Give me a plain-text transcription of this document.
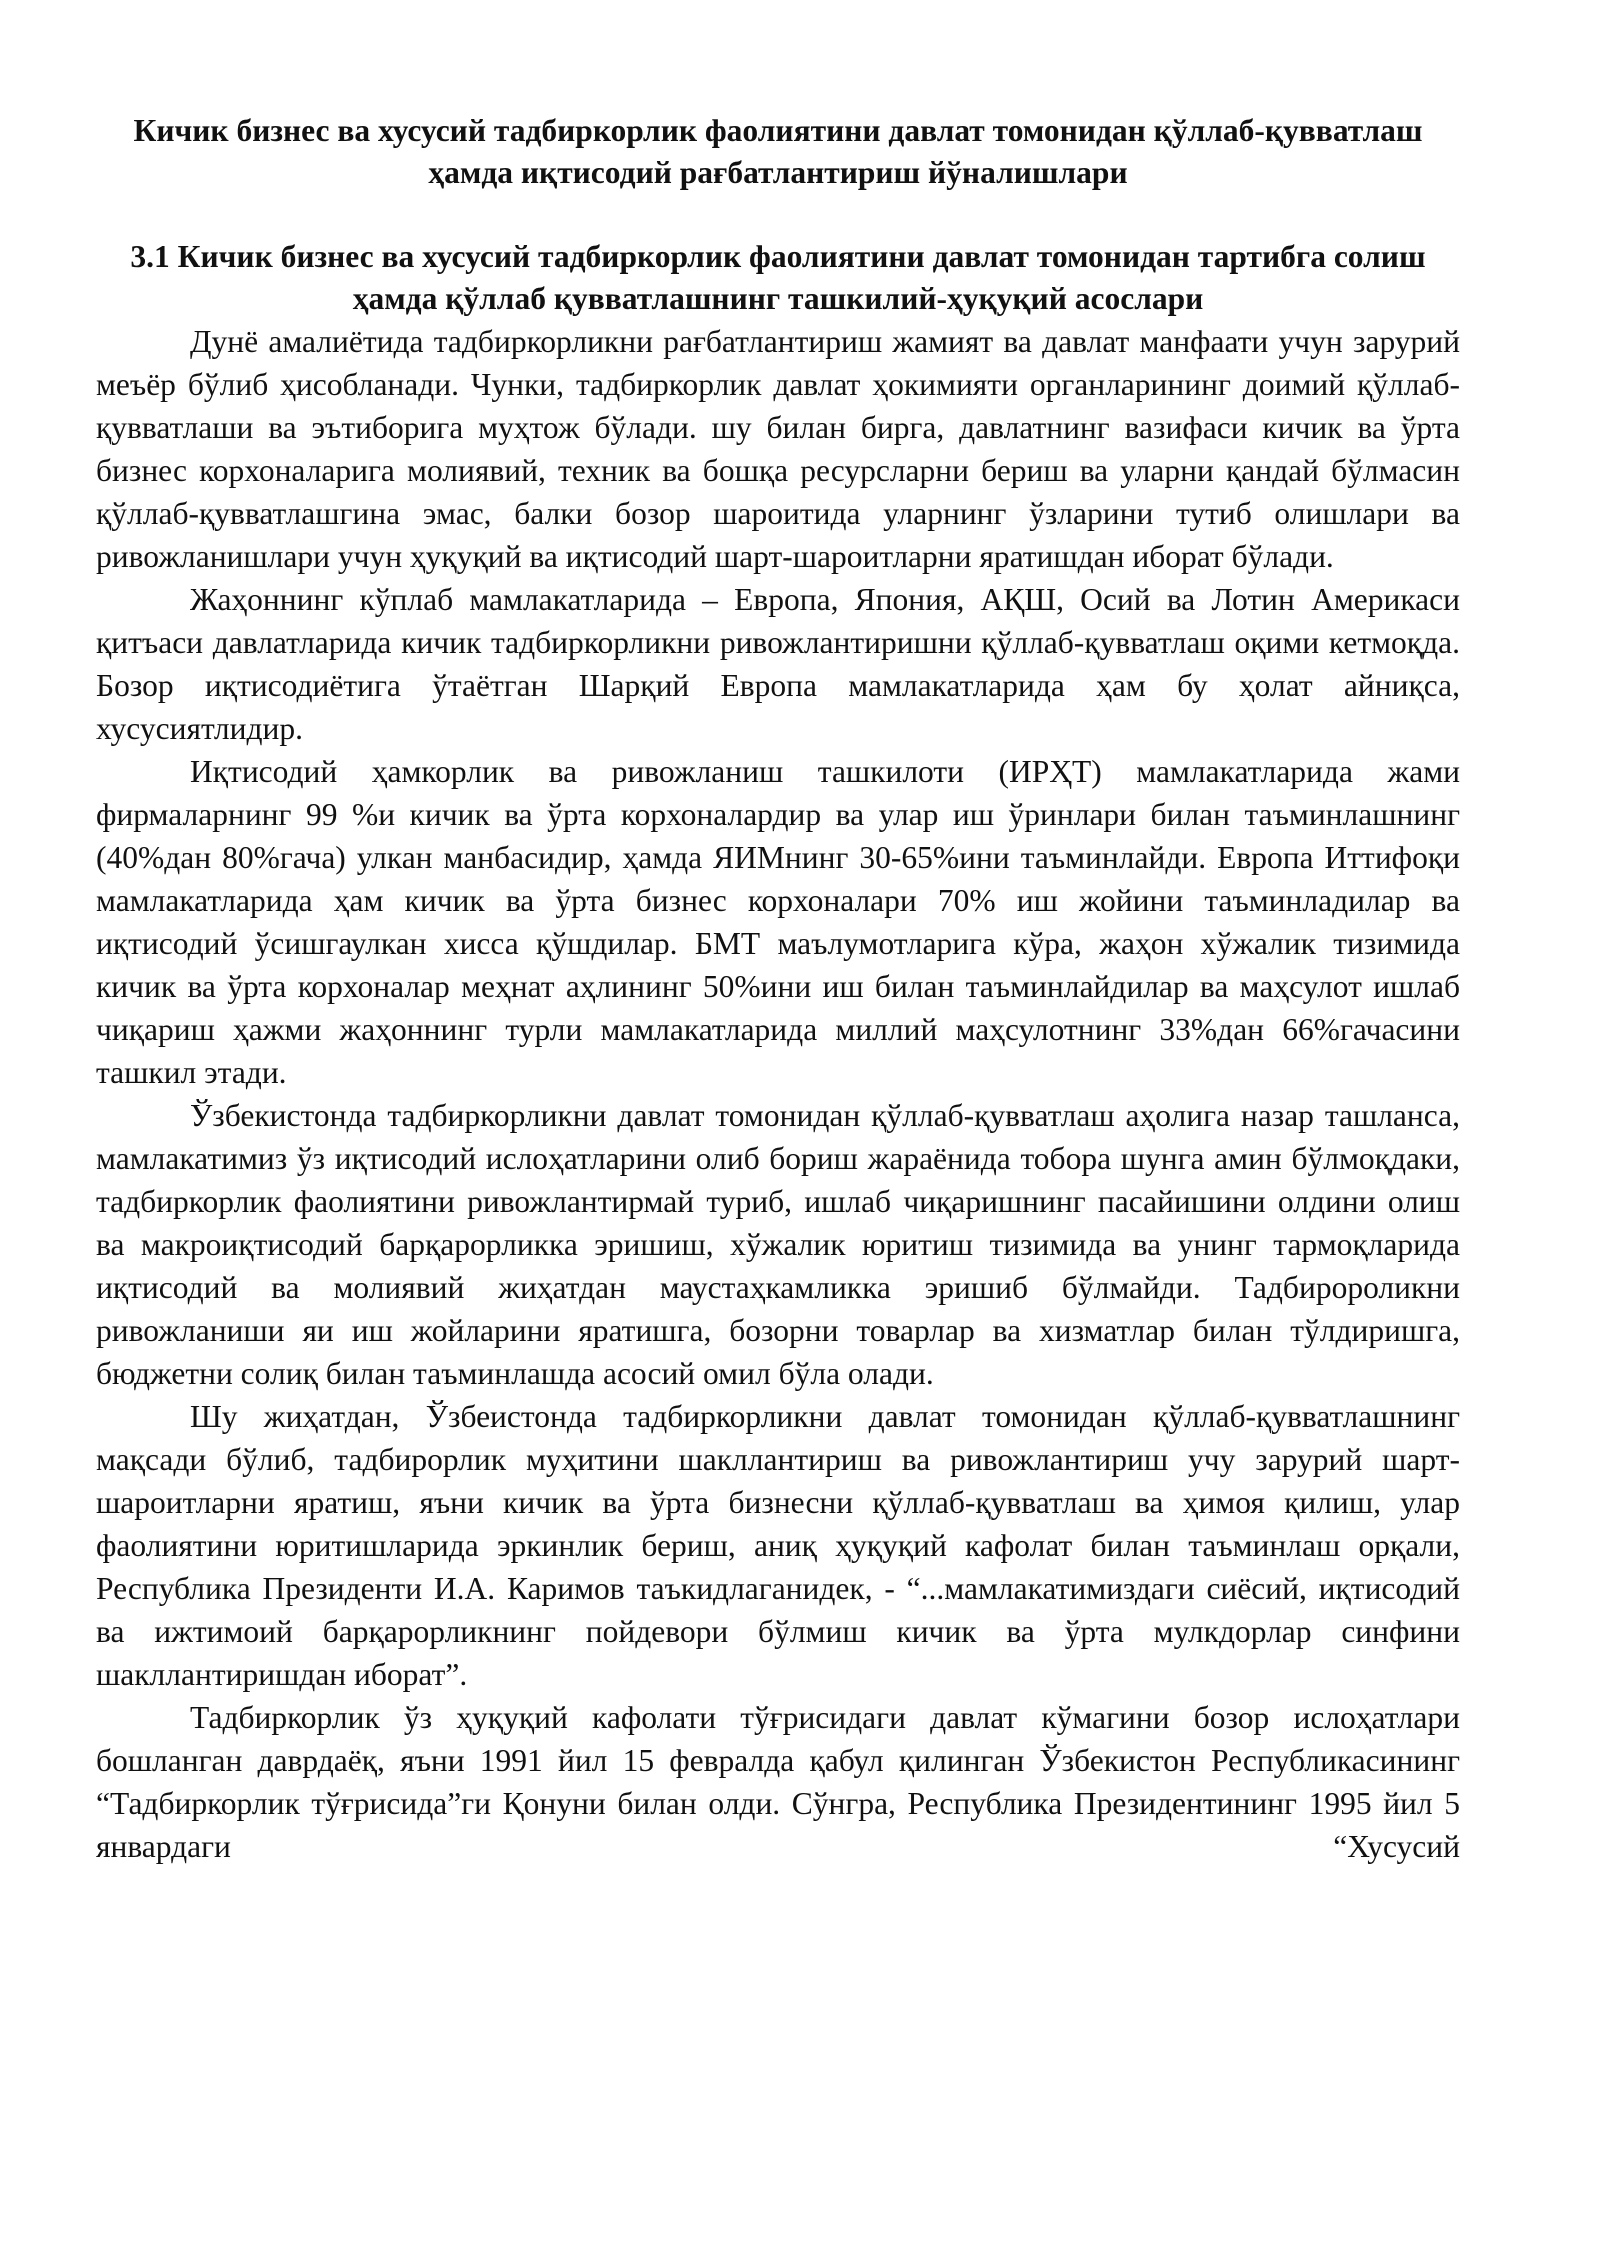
Кичик бизнес ва хусусий тадбиркорлик фаолиятини давлат томонидан қўллаб-қувватлаш ҳамда иқтисодий рағбатлантириш йўналишлари
3.1 Кичик бизнес ва хусусий тадбиркорлик фаолиятини давлат томонидан тартибга солиш ҳамда қўллаб қувватлашнинг ташкилий-ҳуқуқий асослари

Дунё амалиётида тадбиркорликни рағбатлантириш жамият ва давлат манфаати учун зарурий меъёр бўлиб ҳисобланади. Чунки, тадбиркорлик давлат ҳокимияти органларининг доимий қўллаб-қувватлаши ва эътиборига муҳтож бўлади. шу билан бирга, давлатнинг вазифаси кичик ва ўрта бизнес корхоналарига молиявий, техник ва бошқа ресурсларни бериш ва уларни қандай бўлмасин қўллаб-қувватлашгина эмас, балки бозор шароитида уларнинг ўзларини тутиб олишлари ва ривожланишлари учун ҳуқуқий ва иқтисодий шарт-шароитларни яратишдан иборат бўлади.

Жаҳоннинг кўплаб мамлакатларида – Европа, Япония, АҚШ, Осий ва Лотин Америкаси қитъаси давлатларида кичик тадбиркорликни ривожлантиришни қўллаб-қувватлаш оқими кетмоқда. Бозор иқтисодиётига ўтаётган Шарқий Европа мамлакатларида ҳам бу ҳолат айниқса, хусусиятлидир.

Иқтисодий ҳамкорлик ва ривожланиш ташкилоти (ИРҲТ) мамлакатларида жами фирмаларнинг 99 %и кичик ва ўрта корхоналардир ва улар иш ўринлари билан таъминлашнинг (40%дан 80%гача) улкан манбасидир, ҳамда ЯИМнинг 30-65%ини таъминлайди. Европа Иттифоқи мамлакатларида ҳам кичик ва ўрта бизнес корхоналари 70% иш жойини таъминладилар ва иқтисодий ўсишгаулкан хисса қўшдилар. БМТ маълумотларига кўра, жаҳон хўжалик тизимида кичик ва ўрта корхоналар меҳнат аҳлининг 50%ини иш билан таъминлайдилар ва маҳсулот ишлаб чиқариш ҳажми жаҳоннинг турли мамлакатларида миллий маҳсулотнинг 33%дан 66%гачасини ташкил этади.

Ўзбекистонда тадбиркорликни давлат томонидан қўллаб-қувватлаш аҳолига назар ташланса, мамлакатимиз ўз иқтисодий ислоҳатларини олиб бориш жараёнида тобора шунга амин бўлмоқдаки, тадбиркорлик фаолиятини ривожлантирмай туриб, ишлаб чиқаришнинг пасайишини олдини олиш ва макроиқтисодий барқарорликка эришиш, хўжалик юритиш тизимида ва унинг тармоқларида иқтисодий ва молиявий жиҳатдан маустаҳкамликка эришиб бўлмайди. Тадбиророликни ривожланиши яи иш жойларини яратишга, бозорни товарлар ва хизматлар билан тўлдиришга, бюджетни солиқ билан таъминлашда асосий омил бўла олади.

Шу жиҳатдан, Ўзбеистонда тадбиркорликни давлат томонидан қўллаб-қувватлашнинг мақсади бўлиб, тадбирорлик муҳитини шакллантириш ва ривожлантириш учу зарурий шарт-шароитларни яратиш, яъни кичик ва ўрта бизнесни қўллаб-қувватлаш ва ҳимоя қилиш, улар фаолиятини юритишларида эркинлик бериш, аниқ ҳуқуқий кафолат билан таъминлаш орқали, Республика Президенти И.А. Каримов таъкидлаганидек, - “...мамлакатимиздаги сиёсий, иқтисодий ва ижтимоий барқарорликнинг пойдевори бўлмиш кичик ва ўрта мулкдорлар синфини шакллантиришдан иборат”.

Тадбиркорлик ўз ҳуқуқий кафолати тўғрисидаги давлат кўмагини бозор ислоҳатлари бошланган даврдаёқ, яъни 1991 йил 15 февралда қабул қилинган Ўзбекистон Республикасининг “Тадбиркорлик тўғрисида”ги Қонуни билан олди. Сўнгра, Республика Президентининг 1995 йил 5 январдаги “Хусусий
